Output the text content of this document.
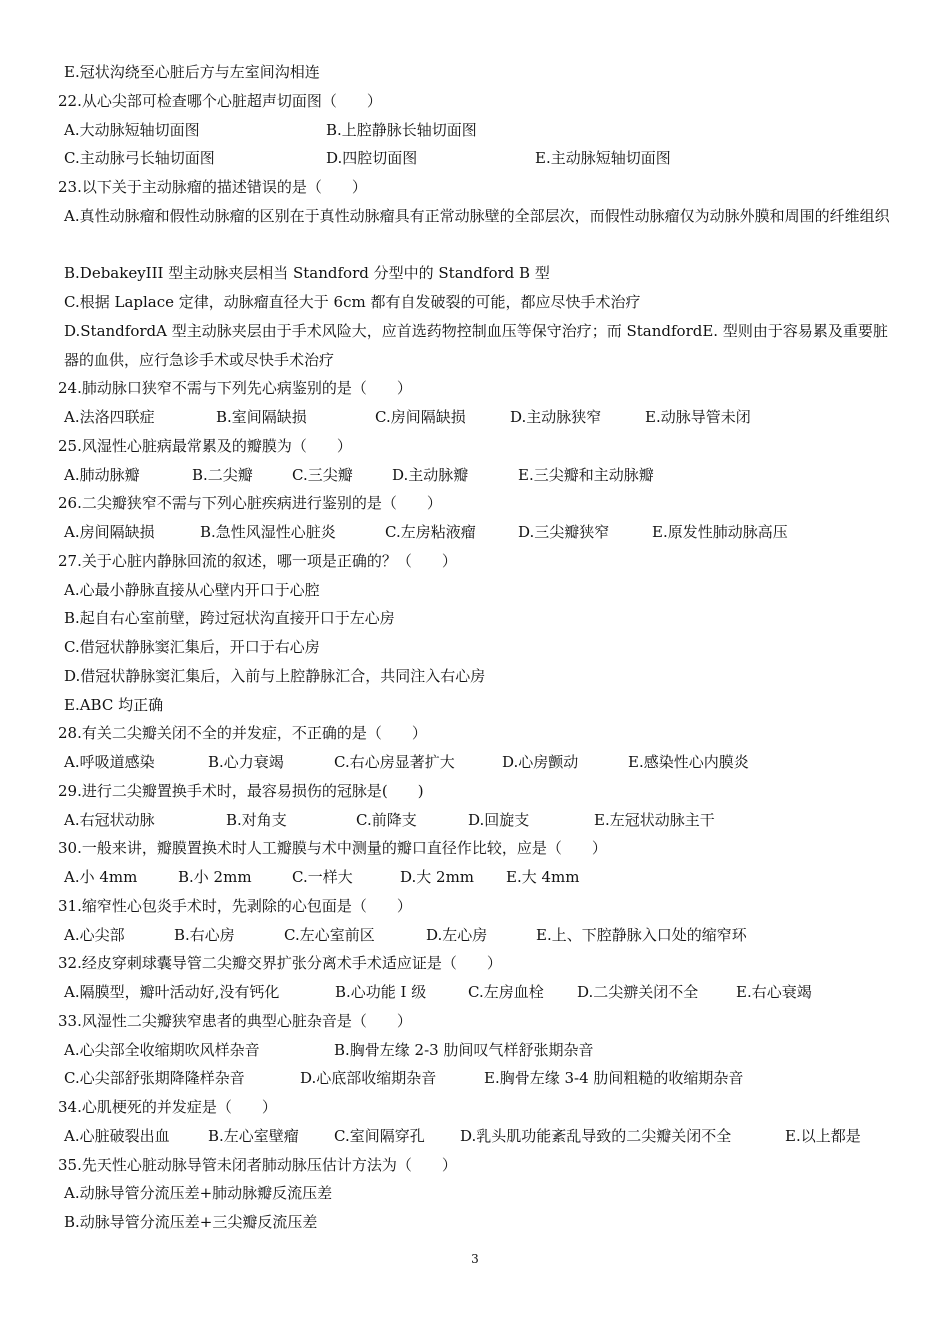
E.冠状沟绕至心脏后方与左室间沟相连
22.从心尖部可检查哪个心脏超声切面图（　　）
A.大动脉短轴切面图	B.上腔静脉长轴切面图
C.主动脉弓长轴切面图	D.四腔切面图	E.主动脉短轴切面图
23.以下关于主动脉瘤的描述错误的是（　　）
A.真性动脉瘤和假性动脉瘤的区别在于真性动脉瘤具有正常动脉壁的全部层次，而假性动脉瘤仅为动脉外膜和周围的纤维组织
B.DebakeyIII 型主动脉夹层相当 Standford 分型中的 Standford B 型
C.根据 Laplace 定律，动脉瘤直径大于 6cm 都有自发破裂的可能，都应尽快手术治疗
D.StandfordA 型主动脉夹层由于手术风险大，应首选药物控制血压等保守治疗；而 StandfordE. 型则由于容易累及重要脏器的血供，应行急诊手术或尽快手术治疗
24.肺动脉口狭窄不需与下列先心病鉴别的是（　　）
A.法洛四联症	B.室间隔缺损	C.房间隔缺损	D.主动脉狭窄	E.动脉导管未闭
25.风湿性心脏病最常累及的瓣膜为（　　）
A.肺动脉瓣	B.二尖瓣	C.三尖瓣	D.主动脉瓣	E.三尖瓣和主动脉瓣
26.二尖瓣狭窄不需与下列心脏疾病进行鉴别的是（　　）
A.房间隔缺损	B.急性风湿性心脏炎	C.左房粘液瘤	D.三尖瓣狭窄	E.原发性肺动脉高压
27.关于心脏内静脉回流的叙述，哪一项是正确的？（　　）
A.心最小静脉直接从心壁内开口于心腔
B.起自右心室前壁，跨过冠状沟直接开口于左心房
C.借冠状静脉窦汇集后，开口于右心房
D.借冠状静脉窦汇集后，入前与上腔静脉汇合，共同注入右心房
E.ABC 均正确
28.有关二尖瓣关闭不全的并发症，不正确的是（　　）
A.呼吸道感染	B.心力衰竭	C.右心房显著扩大	D.心房颤动	E.感染性心内膜炎
29.进行二尖瓣置换手术时，最容易损伤的冠脉是(　　)
A.右冠状动脉	B.对角支	C.前降支	D.回旋支	E.左冠状动脉主干
30.一般来讲，瓣膜置换术时人工瓣膜与术中测量的瓣口直径作比较，应是（　　）
A.小 4mm	B.小 2mm	C.一样大	D.大 2mm E.大 4mm
31.缩窄性心包炎手术时，先剥除的心包面是（　　）
A.心尖部	B.右心房	C.左心室前区	D.左心房	E.上、下腔静脉入口处的缩窄环
32.经皮穿刺球囊导管二尖瓣交界扩张分离术手术适应证是（　　）
A.隔膜型，瓣叶活动好,没有钙化	B.心功能 I 级	C.左房血栓 D.二尖辧关闭不全	E.右心衰竭
33.风湿性二尖瓣狭窄患者的典型心脏杂音是（　　）
A.心尖部全收缩期吹风样杂音	B.胸骨左缘 2-3 肋间叹气样舒张期杂音
C.心尖部舒张期降隆样杂音	D.心底部收缩期杂音	E.胸骨左缘 3-4 肋间粗糙的收缩期杂音
34.心肌梗死的并发症是（　　）
A.心脏破裂出血	B.左心室壁瘤 C.室间隔穿孔 D.乳头肌功能紊乱导致的二尖瓣关闭不全	E.以上都是
35.先天性心脏动脉导管未闭者肺动脉压估计方法为（　　）
A.动脉导管分流压差+肺动脉瓣反流压差
B.动脉导管分流压差+三尖瓣反流压差
3
